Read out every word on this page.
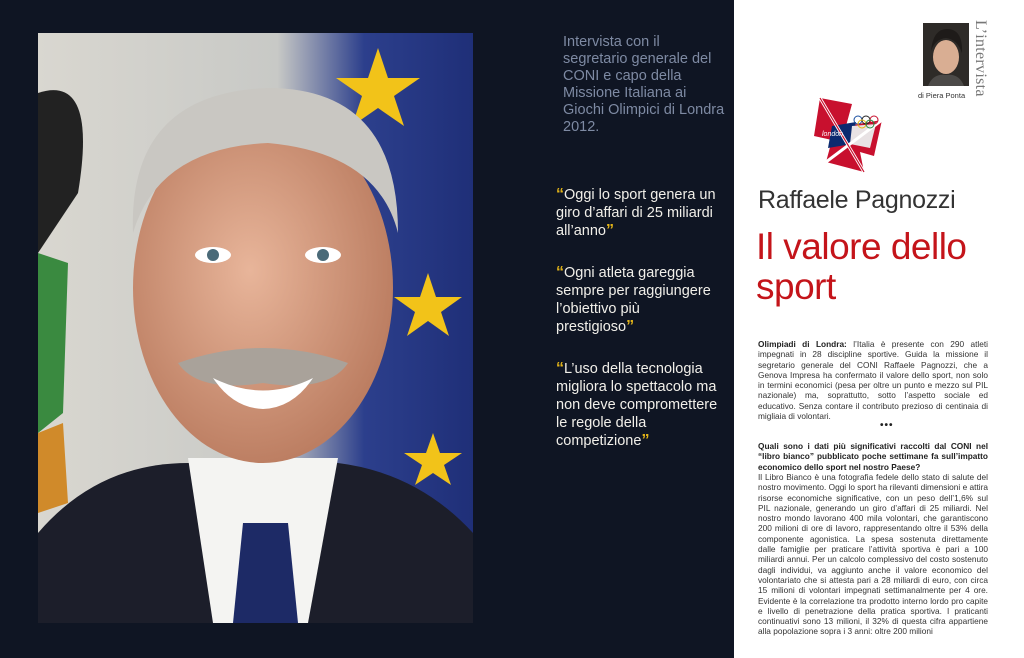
Intervista con il segretario generale del CONI e capo della Missione Italiana ai Giochi Olimpici di Londra 2012.
“Oggi lo sport genera un giro d’affari di 25 miliardi all’anno”
“Ogni atleta gareggia sempre per raggiungere l’obiettivo più prestigioso”
“L’uso della tecnologia migliora lo spettacolo ma non deve compromettere le regole della competizione”
di Piera Ponta L’intervista
london
Raffaele Pagnozzi
Il valore dello sport
Olimpiadi di Londra: l’Italia è presente con 290 atleti impegnati in 28 discipline sportive. Guida la missione il segretario generale del CONI Raffaele Pagnozzi, che a Genova Impresa ha confermato il valore dello sport, non solo in termini economici (pesa per oltre un punto e mezzo sul PIL nazionale) ma, soprattutto, sotto l’aspetto sociale ed educativo. Senza contare il contributo prezioso di centinaia di migliaia di volontari.
•••
Quali sono i dati più significativi raccolti dal CONI nel “libro bianco” pubblicato poche settimane fa sull’impatto economico dello sport nel nostro Paese?
Il Libro Bianco è una fotografia fedele dello stato di salute del nostro movimento. Oggi lo sport ha rilevanti dimensioni e attira risorse economiche significative, con un peso dell’1,6% sul PIL nazionale, generando un giro d’affari di 25 miliardi. Nel nostro mondo lavorano 400 mila volontari, che garantiscono 200 milioni di ore di lavoro, rappresentando oltre il 53% della componente agonistica. La spesa sostenuta direttamente dalle famiglie per praticare l’attività sportiva è pari a 100 miliardi annui. Per un calcolo complessivo del costo sostenuto dagli individui, va aggiunto anche il valore economico del volontariato che si attesta pari a 28 miliardi di euro, con circa 15 milioni di volontari impegnati settimanalmente per 4 ore. Evidente è la correlazione tra prodotto interno lordo pro capite e livello di penetrazione della pratica sportiva. I praticanti continuativi sono 13 milioni, il 32% di questa cifra appartiene alla popolazione sopra i 3 anni: oltre 200 milioni
